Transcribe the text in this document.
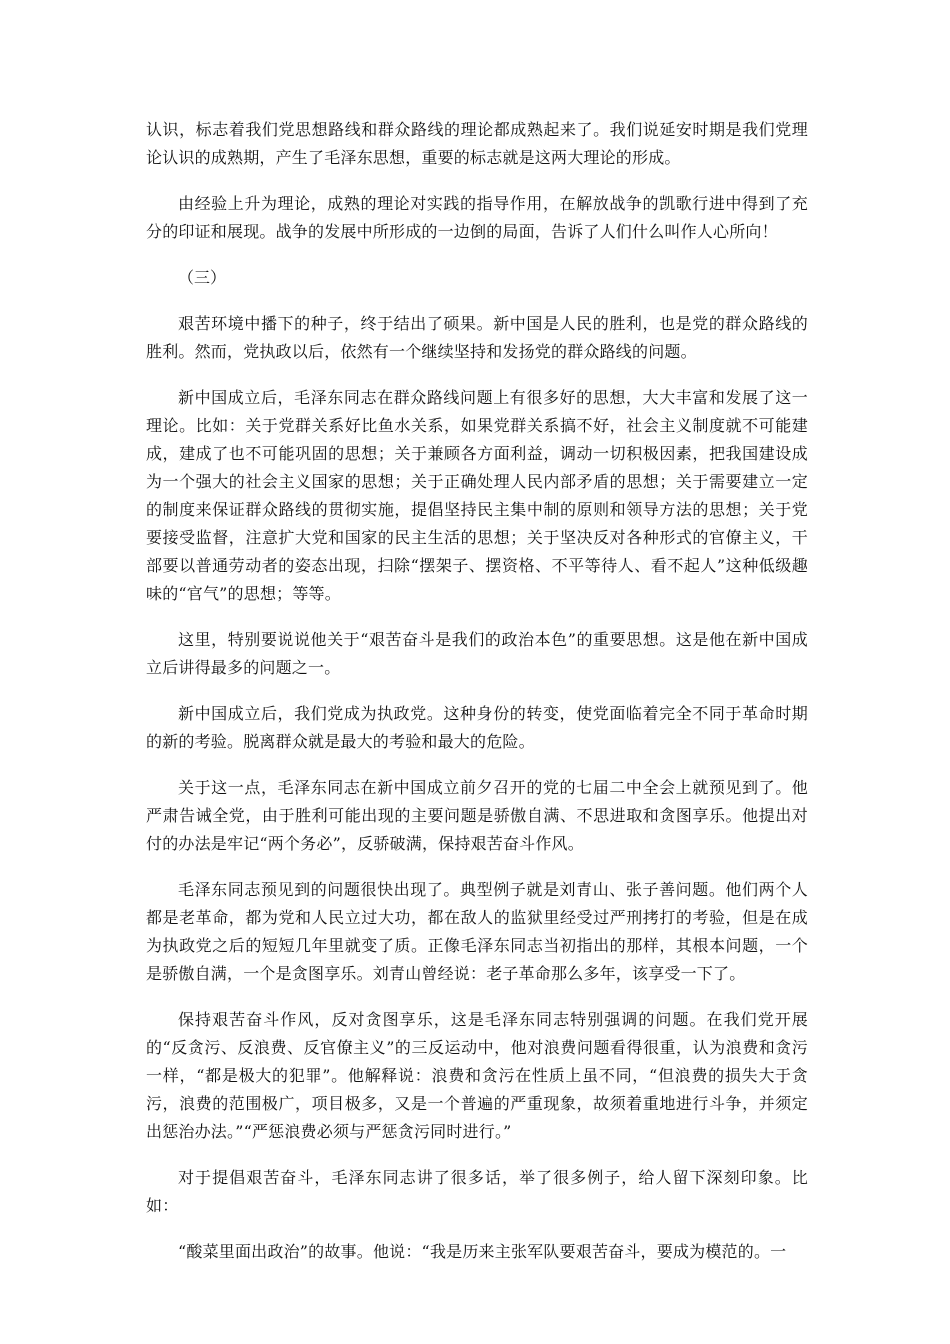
认识，标志着我们党思想路线和群众路线的理论都成熟起来了。我们说延安时期是我们党理论认识的成熟期，产生了毛泽东思想，重要的标志就是这两大理论的形成。

由经验上升为理论，成熟的理论对实践的指导作用，在解放战争的凯歌行进中得到了充分的印证和展现。战争的发展中所形成的一边倒的局面，告诉了人们什么叫作人心所向！

（三）

艰苦环境中播下的种子，终于结出了硕果。新中国是人民的胜利，也是党的群众路线的胜利。然而，党执政以后，依然有一个继续坚持和发扬党的群众路线的问题。

新中国成立后，毛泽东同志在群众路线问题上有很多好的思想，大大丰富和发展了这一理论。比如：关于党群关系好比鱼水关系，如果党群关系搞不好，社会主义制度就不可能建成，建成了也不可能巩固的思想；关于兼顾各方面利益，调动一切积极因素，把我国建设成为一个强大的社会主义国家的思想；关于正确处理人民内部矛盾的思想；关于需要建立一定的制度来保证群众路线的贯彻实施，提倡坚持民主集中制的原则和领导方法的思想；关于党要接受监督，注意扩大党和国家的民主生活的思想；关于坚决反对各种形式的官僚主义，干部要以普通劳动者的姿态出现，扫除“摆架子、摆资格、不平等待人、看不起人”这种低级趣味的“官气”的思想；等等。

这里，特别要说说他关于“艰苦奋斗是我们的政治本色”的重要思想。这是他在新中国成立后讲得最多的问题之一。

新中国成立后，我们党成为执政党。这种身份的转变，使党面临着完全不同于革命时期的新的考验。脱离群众就是最大的考验和最大的危险。

关于这一点，毛泽东同志在新中国成立前夕召开的党的七届二中全会上就预见到了。他严肃告诫全党，由于胜利可能出现的主要问题是骄傲自满、不思进取和贪图享乐。他提出对付的办法是牢记“两个务必”，反骄破满，保持艰苦奋斗作风。

毛泽东同志预见到的问题很快出现了。典型例子就是刘青山、张子善问题。他们两个人都是老革命，都为党和人民立过大功，都在敌人的监狱里经受过严刑拷打的考验，但是在成为执政党之后的短短几年里就变了质。正像毛泽东同志当初指出的那样，其根本问题，一个是骄傲自满，一个是贪图享乐。刘青山曾经说：老子革命那么多年，该享受一下了。

保持艰苦奋斗作风，反对贪图享乐，这是毛泽东同志特别强调的问题。在我们党开展的“反贪污、反浪费、反官僚主义”的三反运动中，他对浪费问题看得很重，认为浪费和贪污一样，“都是极大的犯罪”。他解释说：浪费和贪污在性质上虽不同，“但浪费的损失大于贪污，浪费的范围极广，项目极多，又是一个普遍的严重现象，故须着重地进行斗争，并须定出惩治办法。”“严惩浪费必须与严惩贪污同时进行。”

对于提倡艰苦奋斗，毛泽东同志讲了很多话，举了很多例子，给人留下深刻印象。比如：

“酸菜里面出政治”的故事。他说：“我是历来主张军队要艰苦奋斗，要成为模范的。一
